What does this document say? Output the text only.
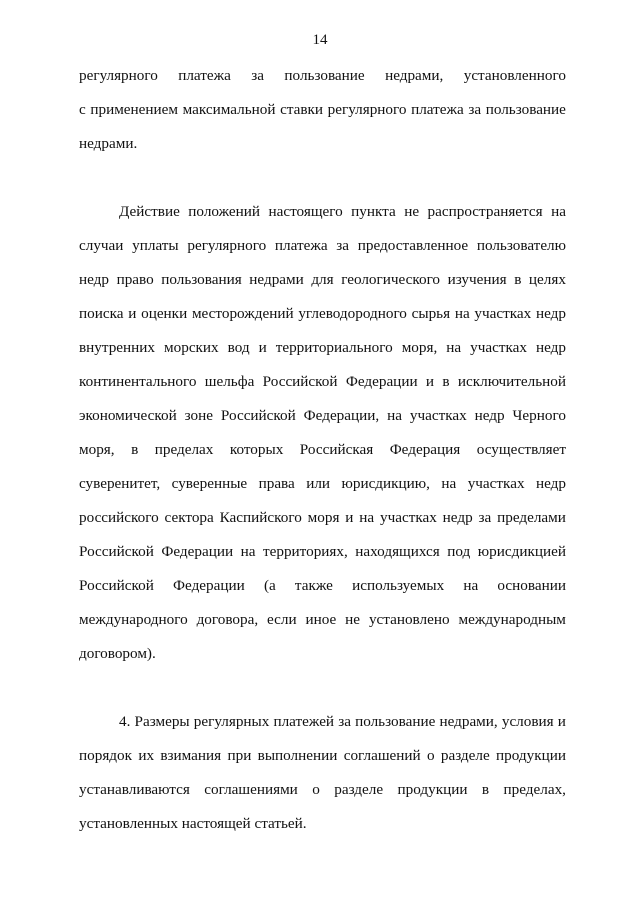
14
регулярного платежа за пользование недрами, установленного
с применением максимальной ставки регулярного платежа за пользование
недрами.
Действие положений настоящего пункта не распространяется на
случаи уплаты регулярного платежа за предоставленное пользователю
недр право пользования недрами для геологического изучения в целях
поиска и оценки месторождений углеводородного сырья на участках недр
внутренних морских вод и территориального моря, на участках недр
континентального шельфа Российской Федерации и в исключительной
экономической зоне Российской Федерации, на участках недр Черного
моря, в пределах которых Российская Федерация осуществляет
суверенитет, суверенные права или юрисдикцию, на участках недр
российского сектора Каспийского моря и на участках недр за пределами
Российской Федерации на территориях, находящихся под юрисдикцией
Российской Федерации (а также используемых на основании
международного договора, если иное не установлено международным
договором).
4. Размеры регулярных платежей за пользование недрами, условия и
порядок их взимания при выполнении соглашений о разделе продукции
устанавливаются соглашениями о разделе продукции в пределах,
установленных настоящей статьей.
